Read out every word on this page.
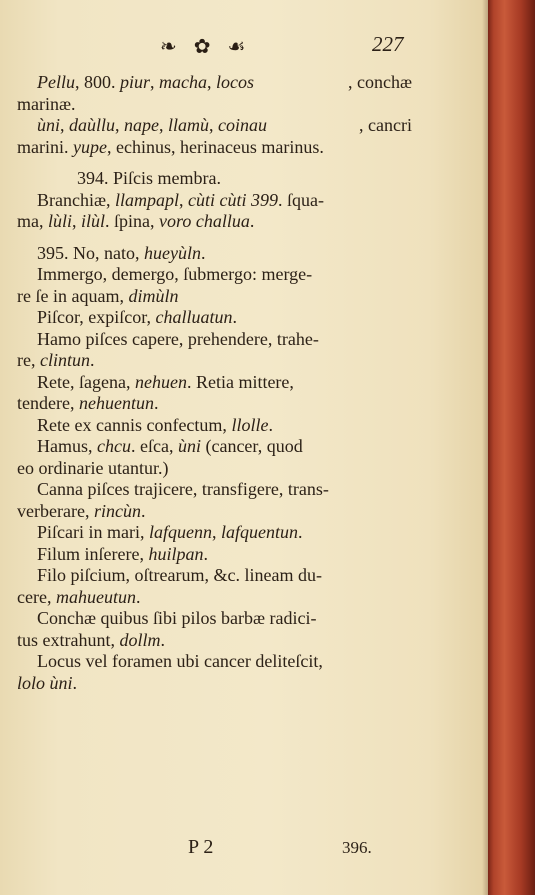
❧ ✿ ☙	227
Pellu, 800. piur, macha, locos	, conchæ
marinæ.
ùni, daùllu, nape, llamù, coinau	, cancri
marini. yupe, echinus, herinaceus marinus.
394. Piſcis membra.
Branchiæ, llampapl, cùti cùti 399. ſqua-
ma, lùli, ilùl. ſpina, voro challua.
395. No, nato, hueyùln.
Immergo, demergo, ſubmergo: merge-
re ſe in aquam, dimùln
Piſcor, expiſcor, challuatun.
Hamo piſces capere, prehendere, trahe-
re, clintun.
Rete, ſagena, nehuen. Retia mittere,
tendere, nehuentun.
Rete ex cannis confectum, llolle.
Hamus, chcu. eſca, ùni (cancer, quod
eo ordinarie utantur.)
Canna piſces trajicere, transfigere, trans-
verberare, rincùn.
Piſcari in mari, lafquenn, lafquentun.
Filum inſerere, huilpan.
Filo piſcium, oſtrearum, &c. lineam du-
cere, mahueutun.
Conchæ quibus ſibi pilos barbæ radici-
tus extrahunt, dollm.
Locus vel foramen ubi cancer deliteſcit,
lolo ùni.
P 2	396.
